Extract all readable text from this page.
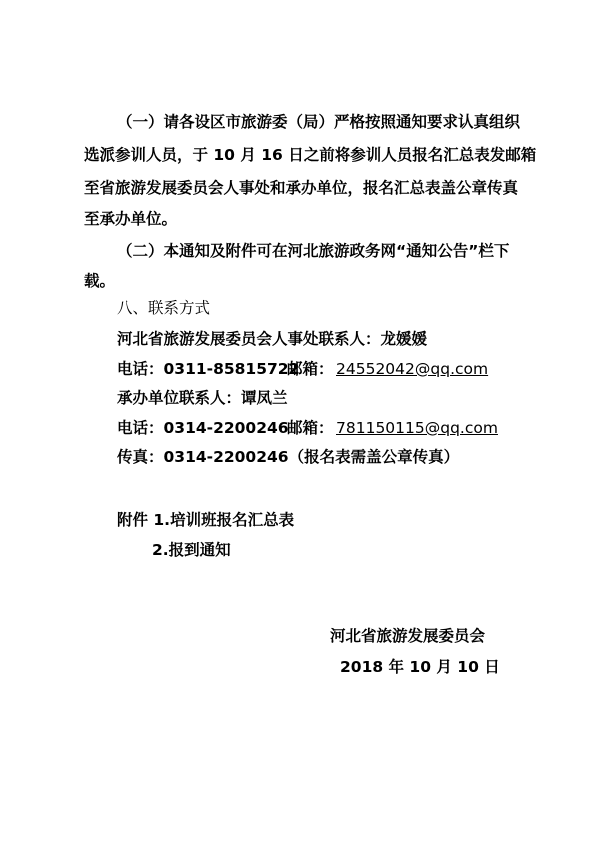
（一）请各设区市旅游委（局）严格按照通知要求认真组织
选派参训人员，于 10 月 16 日之前将参训人员报名汇总表发邮箱
至省旅游发展委员会人事处和承办单位，报名汇总表盖公章传真
至承办单位。
（二）本通知及附件可在河北旅游政务网“通知公告”栏下
载。
八、联系方式
河北省旅游发展委员会人事处联系人：龙媛媛
电话：0311-85815722
邮箱： 24552042@qq.com
承办单位联系人：谭凤兰
电话：0314-2200246
邮箱： 781150115@qq.com
传真：0314-2200246（报名表需盖公章传真）
附件 1.培训班报名汇总表
2.报到通知
河北省旅游发展委员会
2018 年 10 月 10 日
